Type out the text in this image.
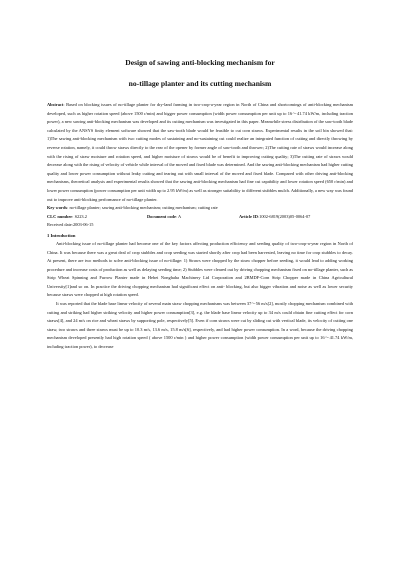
Design of sawing anti-blocking mechanism for
no-tillage planter and its cutting mechanism

Abstract: Based on blocking issues of no-tillage planter for dry-land farming in two-crop-a-year region in North of China and shortcomings of anti-blocking mechanism developed, such as higher rotation speed (above 1500 r/min) and bigger power consumption (width power consumption per unit up to 16～41.74 kW/m, including traction power), a new sawing anti-blocking mechanism was developed and its cutting mechanism was investigated in this paper. Meanwhile stress distribution of the saw-tooth blade calculated by the ANSYS finity element software showed that the saw-tooth blade would be feasible to cut corn straws. Experimental results in the soil bin showed that: 1)The sawing anti-blocking mechanism with two cutting modes of sustaining and no-sustaining cut could realize an integrated function of cutting and directly throwing by reverse rotation, namely, it could throw straws directly to the rear of the opener by former angle of saw-tooth and thrower; 2)The cutting rate of straws would increase along with the rising of straw moisture and rotation speed, and higher moisture of straws would be of benefit to improving cutting quality; 3)The cutting rate of straws would decrease along with the rising of velocity of vehicle while interval of the moved and fixed blade was determined. And the sawing anti-blocking mechanism had higher cutting quality and lower power consumption without leaky cutting and tearing out with small interval of the moved and fixed blade. Compared with other driving anti-blocking mechanisms, theoretical analysis and experimental results showed that the sawing anti-blocking mechanism had fine cut capability and lower rotation speed (650 r/min) and lower power consumption (power consumption per unit width up to 2.95 kW/m) as well as stronger suitability to different stubbles mulch. Additionally, a new way was found out to improve anti-blocking performance of no-tillage planter.

Key words: no-tillage planter; sawing anti-blocking mechanism; cutting mechanism; cutting rate

CLC number: S223.2	Document code: A	Article ID:1002-6819(2003)05-0064-07

Received date:2003-06-15

1 Introduction

Anti-blocking issue of no-tillage planter had become one of the key factors affecting production efficiency and seeding quality of two-crop-a-year region in North of China. It was because there was a great deal of crop stubbles and crop seeding was started shortly after crop had been harvested, leaving no time for crop stubbles to decay. At present, there are two methods to solve anti-blocking issue of no-tillage: 1) Straws were chopped by the straw chopper before seeding, it would lead to adding working procedure and increase costs of production as well as delaying seeding time; 2) Stubbles were cleared out by driving chopping mechanism fixed on no-tillage planter, such as Strip Wheat Spinning and Furrow Planter made in Hebei Nonghaha Machinery Ltd Corporation and 2BMDF-Corn Strip Chopper made in China Agricultural University[1]and so on. In practice the driving chopping mechanism had significant effect on anti- blocking, but also bigger vibration and noise as well as lower security because straws were chopped at high rotation speed.

It was reported that the blade base linear velocity of several main straw chopping mechanisms was between 37～56 m/s[2], mostly chopping mechanism combined with cutting and striking had higher striking velocity and higher power consumption[3], e.g. the blade base linear velocity up to 34 m/s could obtain fine cutting effect for corn straws[4], and 24 m/s on rice and wheat straws by supporting pole, respectively[5]. Even if corn straws were cut by sliding cut with vertical blade, its velocity of cutting one straw, two straws and three straws must be up to 10.3 m/s, 13.6 m/s, 15.8 m/s[6], respectively, and had higher power consumption. In a word, because the driving chopping mechanism developed presently had high rotation speed ( above 1500 r/min ) and higher power consumption (width power consumption per unit up to 16～41.74 kW/m, including traction power), to decrease
